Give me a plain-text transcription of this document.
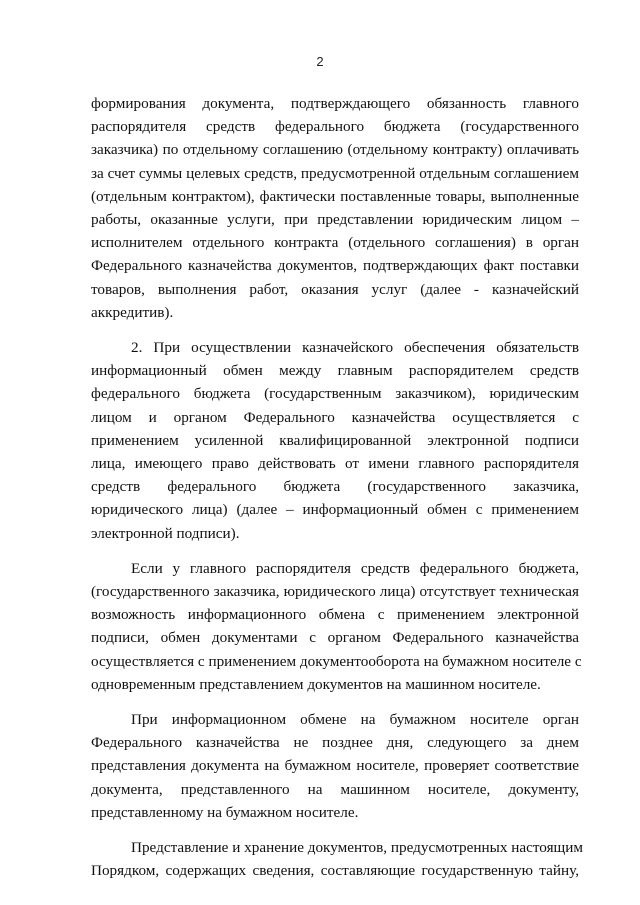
2

формирования документа, подтверждающего обязанность главного
распорядителя средств федерального бюджета (государственного
заказчика) по отдельному соглашению (отдельному контракту) оплачивать
за счет суммы целевых средств, предусмотренной отдельным соглашением
(отдельным контрактом), фактически поставленные товары, выполненные
работы, оказанные услуги, при представлении юридическим лицом –
исполнителем отдельного контракта (отдельного соглашения) в орган
Федерального казначейства документов, подтверждающих факт поставки
товаров, выполнения работ, оказания услуг (далее - казначейский
аккредитив).

2. При осуществлении казначейского обеспечения обязательств
информационный обмен между главным распорядителем средств
федерального бюджета (государственным заказчиком), юридическим
лицом и органом Федерального казначейства осуществляется с
применением усиленной квалифицированной электронной подписи
лица, имеющего право действовать от имени главного распорядителя
средств федерального бюджета (государственного заказчика,
юридического лица) (далее – информационный обмен с применением
электронной подписи).

Если у главного распорядителя средств федерального бюджета,
(государственного заказчика, юридического лица) отсутствует техническая
возможность информационного обмена с применением электронной
подписи, обмен документами с органом Федерального казначейства
осуществляется с применением документооборота на бумажном носителе с
одновременным представлением документов на машинном носителе.

При информационном обмене на бумажном носителе орган
Федерального казначейства не позднее дня, следующего за днем
представления документа на бумажном носителе, проверяет соответствие
документа, представленного на машинном носителе, документу,
представленному на бумажном носителе.

Представление и хранение документов, предусмотренных настоящим
Порядком, содержащих сведения, составляющие государственную тайну,
